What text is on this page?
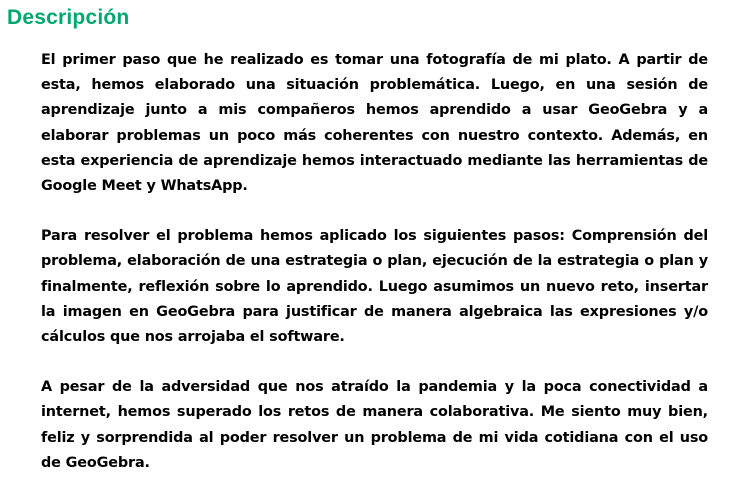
Descripción

El primer paso que he realizado es tomar una fotografía de mi plato. A partir de esta, hemos elaborado una situación problemática. Luego, en una sesión de aprendizaje junto a mis compañeros hemos aprendido a usar GeoGebra y a elaborar problemas un poco más coherentes con nuestro contexto. Además, en esta experiencia de aprendizaje hemos interactuado mediante las herramientas de Google Meet y WhatsApp.

Para resolver el problema hemos aplicado los siguientes pasos: Comprensión del problema, elaboración de una estrategia o plan, ejecución de la estrategia o plan y finalmente, reflexión sobre lo aprendido. Luego asumimos un nuevo reto, insertar la imagen en GeoGebra para justificar de manera algebraica las expresiones y/o cálculos que nos arrojaba el software.

A pesar de la adversidad que nos atraído la pandemia y la poca conectividad a internet, hemos superado los retos de manera colaborativa. Me siento muy bien, feliz y sorprendida al poder resolver un problema de mi vida cotidiana con el uso de GeoGebra.
